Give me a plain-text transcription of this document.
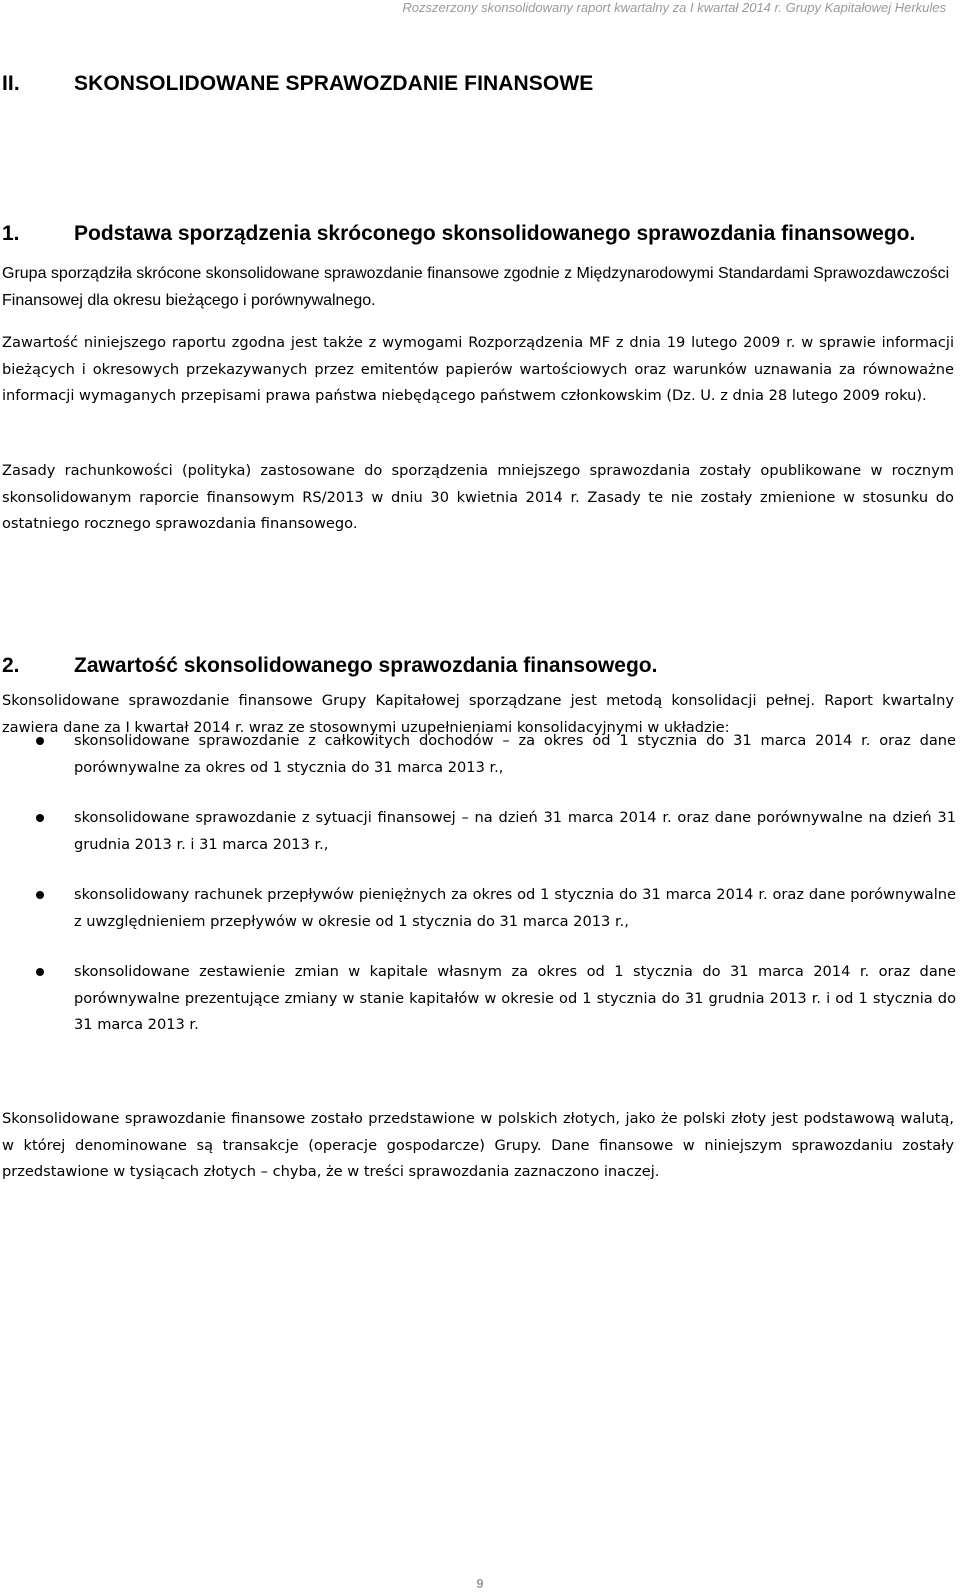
Rozszerzony skonsolidowany raport kwartalny za I kwartał 2014 r. Grupy Kapitałowej Herkules
II.	SKONSOLIDOWANE SPRAWOZDANIE FINANSOWE
1.	Podstawa sporządzenia skróconego skonsolidowanego sprawozdania finansowego.
Grupa sporządziła skrócone skonsolidowane sprawozdanie finansowe zgodnie z Międzynarodowymi Standardami Sprawozdawczości Finansowej dla okresu bieżącego i porównywalnego.
Zawartość niniejszego raportu zgodna jest także z wymogami Rozporządzenia MF z dnia 19 lutego 2009 r. w sprawie informacji bieżących i okresowych przekazywanych przez emitentów papierów wartościowych oraz warunków uznawania za równoważne informacji wymaganych przepisami prawa państwa niebędącego państwem członkowskim (Dz. U. z dnia 28 lutego 2009 roku).
Zasady rachunkowości (polityka) zastosowane do sporządzenia mniejszego sprawozdania zostały opublikowane w rocznym skonsolidowanym raporcie finansowym RS/2013 w dniu 30 kwietnia 2014 r. Zasady te nie zostały zmienione w stosunku do ostatniego rocznego sprawozdania finansowego.
2.	Zawartość skonsolidowanego sprawozdania finansowego.
Skonsolidowane sprawozdanie finansowe Grupy Kapitałowej sporządzane jest metodą konsolidacji pełnej. Raport kwartalny zawiera dane za I kwartał 2014 r. wraz ze stosownymi uzupełnieniami konsolidacyjnymi w układzie:
skonsolidowane sprawozdanie z całkowitych dochodów – za okres od 1 stycznia do 31 marca 2014 r. oraz dane porównywalne za okres od 1 stycznia do 31 marca 2013 r.,
skonsolidowane sprawozdanie z sytuacji finansowej – na dzień 31 marca 2014 r. oraz dane porównywalne na dzień 31 grudnia 2013 r. i 31 marca 2013 r.,
skonsolidowany rachunek przepływów pieniężnych za okres od 1 stycznia do 31 marca 2014 r. oraz dane porównywalne z uwzględnieniem przepływów w okresie od 1 stycznia do 31 marca 2013 r.,
skonsolidowane zestawienie zmian w kapitale własnym za okres od 1 stycznia do 31 marca 2014 r. oraz dane porównywalne prezentujące zmiany w stanie kapitałów w okresie od 1 stycznia do 31 grudnia 2013 r. i od 1 stycznia do 31 marca 2013 r.
Skonsolidowane sprawozdanie finansowe zostało przedstawione w polskich złotych, jako że polski złoty jest podstawową walutą, w której denominowane są transakcje (operacje gospodarcze) Grupy. Dane finansowe w niniejszym sprawozdaniu zostały przedstawione w tysiącach złotych – chyba, że w treści sprawozdania zaznaczono inaczej.
9
